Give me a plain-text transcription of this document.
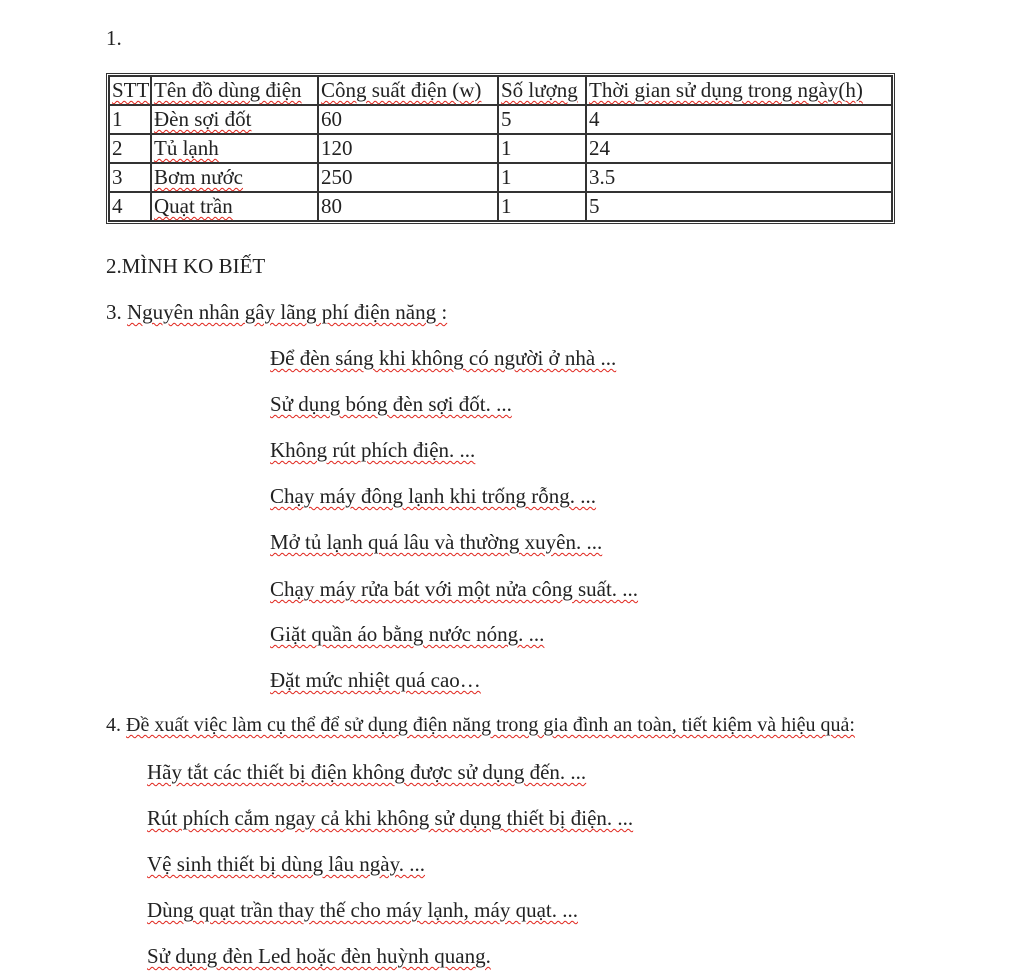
1.
STT	Tên đồ dùng điện	Công suất điện (w)	Số lượng	Thời gian sử dụng trong ngày(h)
1	Đèn sợi đốt	60	5	4
2	Tủ lạnh	120	1	24
3	Bơm nước	250	1	3.5
4	Quạt trần	80	1	5
2.MÌNH KO BIẾT
3. Nguyên nhân gây lãng phí điện năng :
Để đèn sáng khi không có người ở nhà ...
Sử dụng bóng đèn sợi đốt. ...
Không rút phích điện. ...
Chạy máy đông lạnh khi trống rỗng. ...
Mở tủ lạnh quá lâu và thường xuyên. ...
Chạy máy rửa bát với một nửa công suất. ...
Giặt quần áo bằng nước nóng. ...
Đặt mức nhiệt quá cao…
4. Đề xuất việc làm cụ thể để sử dụng điện năng trong gia đình an toàn, tiết kiệm và hiệu quả:
Hãy tắt các thiết bị điện không được sử dụng đến. ...
Rút phích cắm ngay cả khi không sử dụng thiết bị điện. ...
Vệ sinh thiết bị dùng lâu ngày. ...
Dùng quạt trần thay thế cho máy lạnh, máy quạt. ...
Sử dụng đèn Led hoặc đèn huỳnh quang.
